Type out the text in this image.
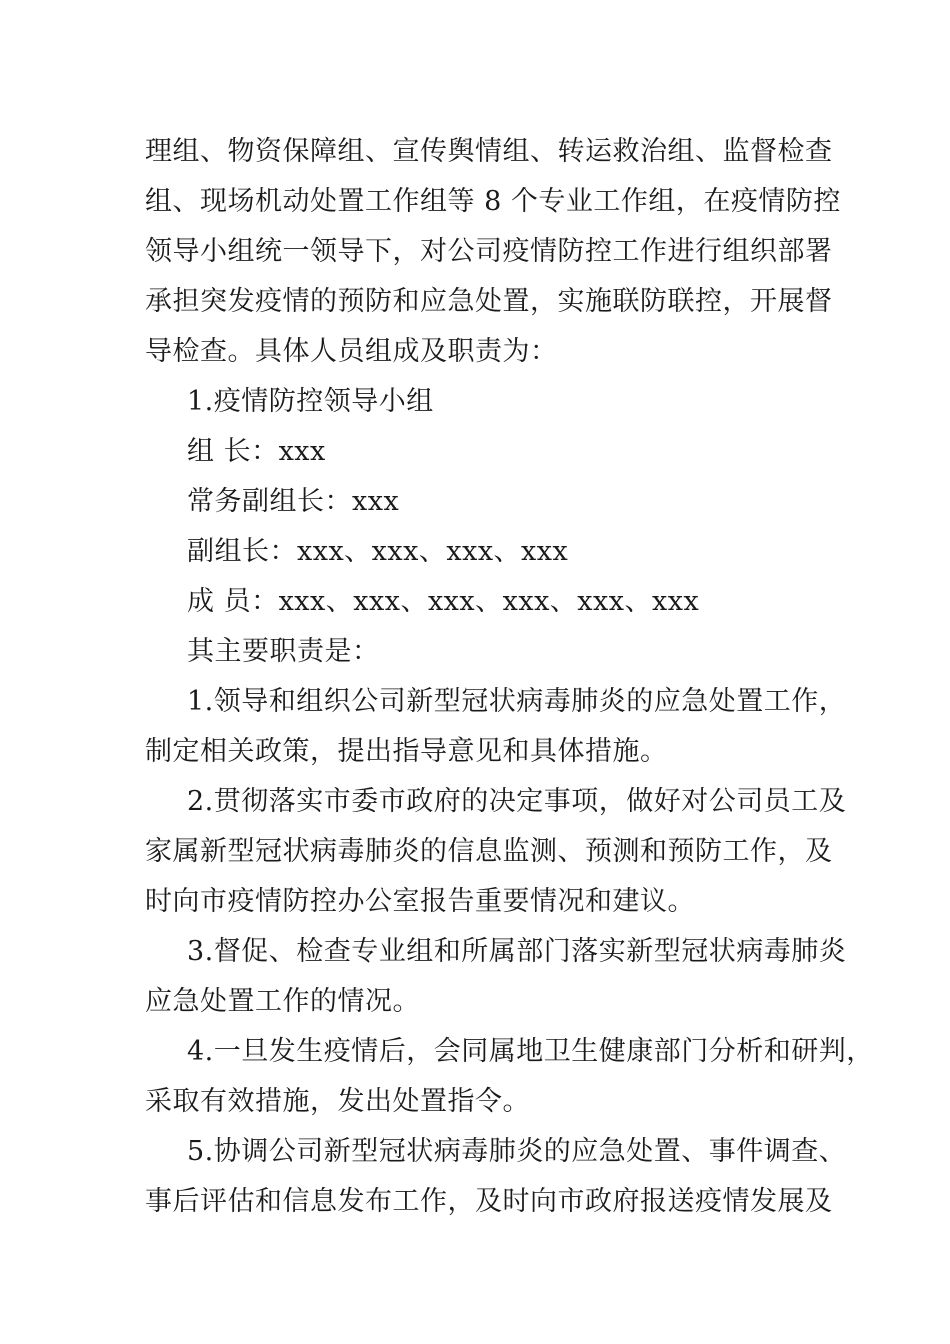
理组、物资保障组、宣传舆情组、转运救治组、监督检查
组、现场机动处置工作组等 8 个专业工作组，在疫情防控
领导小组统一领导下，对公司疫情防控工作进行组织部署
承担突发疫情的预防和应急处置，实施联防联控，开展督
导检查。具体人员组成及职责为：
1.疫情防控领导小组
组 长：xxx
常务副组长：xxx
副组长：xxx、xxx、xxx、xxx
成 员：xxx、xxx、xxx、xxx、xxx、xxx
其主要职责是：
1.领导和组织公司新型冠状病毒肺炎的应急处置工作，
制定相关政策，提出指导意见和具体措施。
2.贯彻落实市委市政府的决定事项，做好对公司员工及
家属新型冠状病毒肺炎的信息监测、预测和预防工作，及
时向市疫情防控办公室报告重要情况和建议。
3.督促、检查专业组和所属部门落实新型冠状病毒肺炎
应急处置工作的情况。
4.一旦发生疫情后，会同属地卫生健康部门分析和研判，
采取有效措施，发出处置指令。
5.协调公司新型冠状病毒肺炎的应急处置、事件调查、
事后评估和信息发布工作，及时向市政府报送疫情发展及
